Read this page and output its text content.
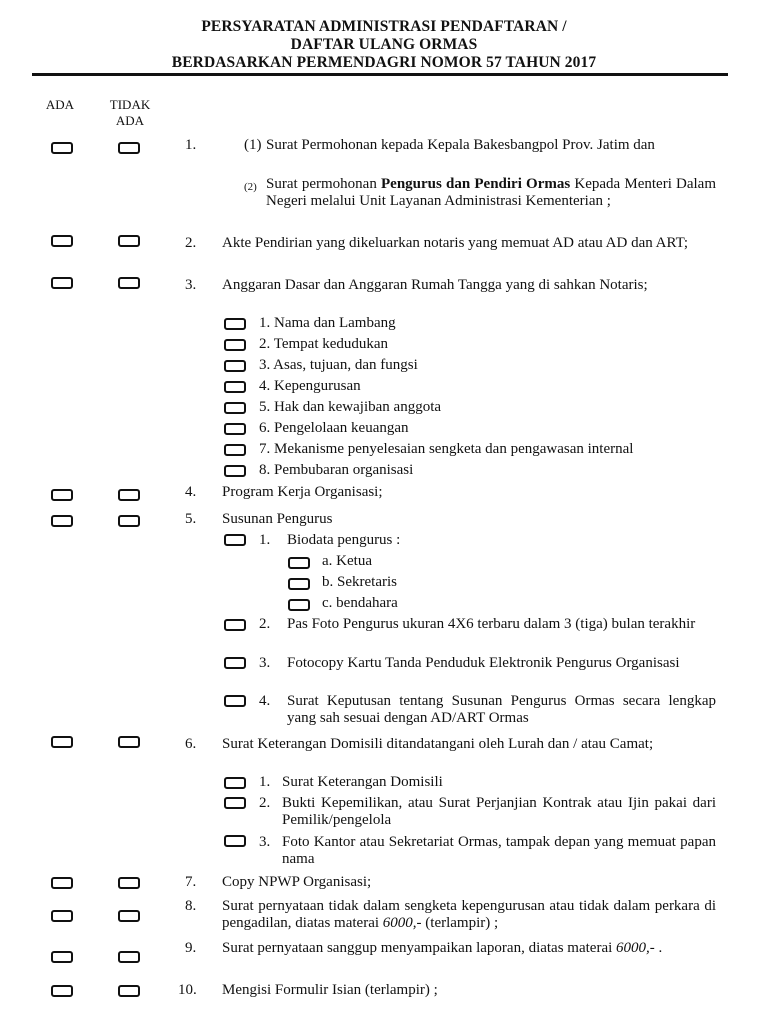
PERSYARATAN ADMINISTRASI PENDAFTARAN /
DAFTAR ULANG ORMAS
BERDASARKAN PERMENDAGRI NOMOR 57 TAHUN 2017
ADA	TIDAK
ADA
1.	(1) Surat Permohonan kepada Kepala Bakesbangpol Prov. Jatim dan
(2) Surat permohonan Pengurus dan Pendiri Ormas Kepada Menteri Dalam Negeri melalui Unit Layanan Administrasi Kementerian ;
2. Akte Pendirian yang dikeluarkan notaris yang memuat AD atau AD dan ART;
3. Anggaran Dasar dan Anggaran Rumah Tangga yang di sahkan Notaris;
1. Nama dan Lambang
2. Tempat kedudukan
3. Asas, tujuan, dan fungsi
4. Kepengurusan
5. Hak dan kewajiban anggota
6. Pengelolaan keuangan
7. Mekanisme penyelesaian sengketa dan pengawasan internal
8. Pembubaran organisasi
4. Program Kerja Organisasi;
5. Susunan Pengurus
1. Biodata pengurus :
a. Ketua
b. Sekretaris
c. bendahara
2. Pas Foto Pengurus ukuran 4X6 terbaru dalam 3 (tiga) bulan terakhir
3. Fotocopy Kartu Tanda Penduduk Elektronik Pengurus Organisasi
4. Surat Keputusan tentang Susunan Pengurus Ormas secara lengkap yang sah sesuai dengan AD/ART Ormas
6. Surat Keterangan Domisili ditandatangani oleh Lurah dan / atau Camat;
1. Surat Keterangan Domisili
2. Bukti Kepemilikan, atau Surat Perjanjian Kontrak atau Ijin pakai dari Pemilik/pengelola
3. Foto Kantor atau Sekretariat Ormas, tampak depan yang memuat papan nama
7. Copy NPWP Organisasi;
8. Surat pernyataan tidak dalam sengketa kepengurusan atau tidak dalam perkara di pengadilan, diatas materai 6000,- (terlampir) ;
9. Surat pernyataan sanggup menyampaikan laporan, diatas materai 6000,- .
10. Mengisi Formulir Isian (terlampir) ;
